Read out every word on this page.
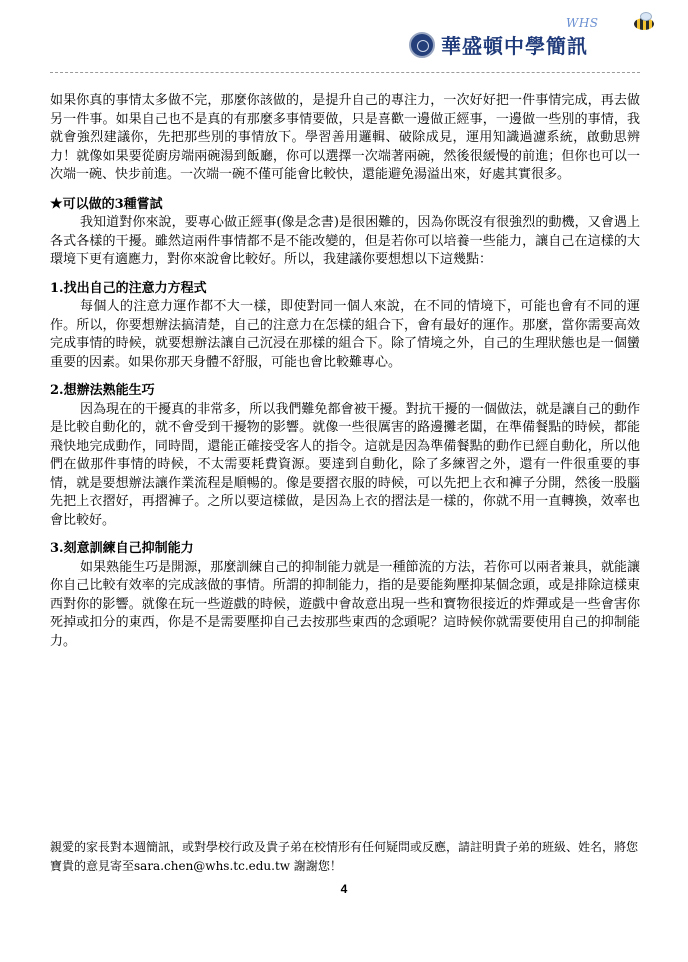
WHS
華盛頓中學簡訊

如果你真的事情太多做不完，那麼你該做的，是提升自己的專注力，一次好好把一件事情完成，再去做另一件事。如果自己也不是真的有那麼多事情要做，只是喜歡一邊做正經事，一邊做一些別的事情，我就會強烈建議你，先把那些別的事情放下。學習善用邏輯、破除成見，運用知識過濾系統，啟動思辨力！就像如果要從廚房端兩碗湯到飯廳，你可以選擇一次端著兩碗，然後很緩慢的前進；但你也可以一次端一碗、快步前進。一次端一碗不僅可能會比較快，還能避免湯溢出來，好處其實很多。

★可以做的3種嘗試

我知道對你來說，要專心做正經事(像是念書)是很困難的，因為你既沒有很強烈的動機，又會遇上各式各樣的干擾。雖然這兩件事情都不是不能改變的，但是若你可以培養一些能力，讓自己在這樣的大環境下更有適應力，對你來說會比較好。所以，我建議你要想想以下這幾點：

1.找出自己的注意力方程式

每個人的注意力運作都不大一樣，即使對同一個人來說，在不同的情境下，可能也會有不同的運作。所以，你要想辦法搞清楚，自己的注意力在怎樣的組合下，會有最好的運作。那麼，當你需要高效完成事情的時候，就要想辦法讓自己沉浸在那樣的組合下。除了情境之外，自己的生理狀態也是一個蠻重要的因素。如果你那天身體不舒服，可能也會比較難專心。

2.想辦法熟能生巧

因為現在的干擾真的非常多，所以我們難免都會被干擾。對抗干擾的一個做法，就是讓自己的動作是比較自動化的，就不會受到干擾物的影響。就像一些很厲害的路邊攤老闆，在準備餐點的時候，都能飛快地完成動作，同時間，還能正確接受客人的指令。這就是因為準備餐點的動作已經自動化，所以他們在做那件事情的時候，不太需要耗費資源。要達到自動化，除了多練習之外，還有一件很重要的事情，就是要想辦法讓作業流程是順暢的。像是要摺衣服的時候，可以先把上衣和褲子分開，然後一股腦先把上衣摺好，再摺褲子。之所以要這樣做，是因為上衣的摺法是一樣的，你就不用一直轉換，效率也會比較好。

3.刻意訓練自己抑制能力

如果熟能生巧是開源，那麼訓練自己的抑制能力就是一種節流的方法，若你可以兩者兼具，就能讓你自己比較有效率的完成該做的事情。所謂的抑制能力，指的是要能夠壓抑某個念頭，或是排除這樣東西對你的影響。就像在玩一些遊戲的時候，遊戲中會故意出現一些和寶物很接近的炸彈或是一些會害你死掉或扣分的東西，你是不是需要壓抑自己去按那些東西的念頭呢？這時候你就需要使用自己的抑制能力。

親愛的家長對本週簡訊，或對學校行政及貴子弟在校情形有任何疑問或反應，請註明貴子弟的班級、姓名，將您寶貴的意見寄至sara.chen@whs.tc.edu.tw 謝謝您！

4
